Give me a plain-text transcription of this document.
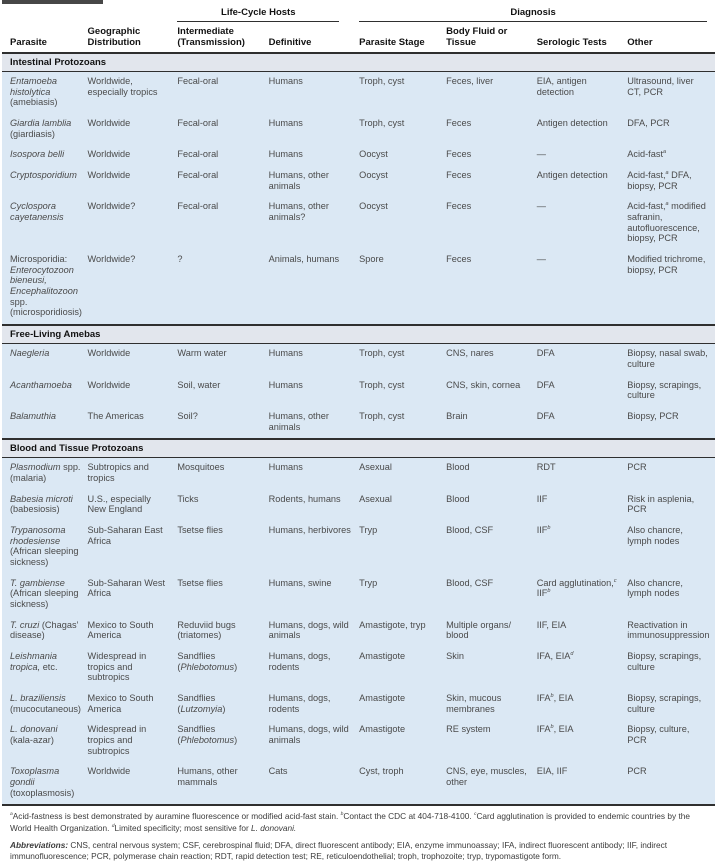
		Life-Cycle Hosts		Diagnosis			

Parasite	Geographic Distribution	Intermediate (Transmission)	Definitive	Parasite Stage	Body Fluid or Tissue	Serologic Tests	Other
Intestinal Protozoans							
Entamoeba histolytica (amebiasis)	Worldwide, especially tropics	Fecal-oral	Humans	Troph, cyst	Feces, liver	EIA, antigen detection	Ultrasound, liver CT, PCR
Giardia lamblia (giardiasis)	Worldwide	Fecal-oral	Humans	Troph, cyst	Feces	Antigen detection	DFA, PCR
Isospora belli	Worldwide	Fecal-oral	Humans	Oocyst	Feces	—	Acid-fast$^a$
Cryptosporidium	Worldwide	Fecal-oral	Humans, other animals	Oocyst	Feces	Antigen detection	Acid-fast,$^a$ DFA, biopsy, PCR
Cyclospora cayetanensis	Worldwide?	Fecal-oral	Humans, other animals?	Oocyst	Feces	—	Acid-fast,$^a$ modified safranin, autofluorescence, biopsy, PCR
Microsporidia: Enterocytozoon bieneusi, Encephalitozoon spp. (microsporidiosis)	Worldwide?	?	Animals, humans	Spore	Feces	—	Modified trichrome, biopsy, PCR
Free-Living Amebas							
Naegleria	Worldwide	Warm water	Humans	Troph, cyst	CNS, nares	DFA	Biopsy, nasal swab, culture
Acanthamoeba	Worldwide	Soil, water	Humans	Troph, cyst	CNS, skin, cornea	DFA	Biopsy, scrapings, culture
Balamuthia	The Americas	Soil?	Humans, other animals	Troph, cyst	Brain	DFA	Biopsy, PCR
Blood and Tissue Protozoans							
Plasmodium spp. (malaria)	Subtropics and tropics	Mosquitoes	Humans	Asexual	Blood	RDT	PCR
Babesia microti (babesiosis)	U.S., especially New England	Ticks	Rodents, humans	Asexual	Blood	IIF	Risk in asplenia, PCR
Trypanosoma rhodesiense (African sleeping sickness)	Sub-Saharan East Africa	Tsetse flies	Humans, herbivores	Tryp	Blood, CSF	IIF$^b$	Also chancre, lymph nodes
T. gambiense (African sleeping sickness)	Sub-Saharan West Africa	Tsetse flies	Humans, swine	Tryp	Blood, CSF	Card agglutination,$^c$ IIF$^b$	Also chancre, lymph nodes
T. cruzi (Chagas’ disease)	Mexico to South America	Reduviid bugs (triatomes)	Humans, dogs, wild animals	Amastigote, tryp	Multiple organs/ blood	IIF, EIA	Reactivation in immunosuppression
Leishmania tropica, etc.	Widespread in tropics and subtropics	Sandflies (Phlebotomus)	Humans, dogs, rodents	Amastigote	Skin	IFA, EIA$^d$	Biopsy, scrapings, culture
L. braziliensis (mucocutaneous)	Mexico to South America	Sandflies (Lutzomyia)	Humans, dogs, rodents	Amastigote	Skin, mucous membranes	IFA$^b$, EIA	Biopsy, scrapings, culture
L. donovani (kala-azar)	Widespread in tropics and subtropics	Sandflies (Phlebotomus)	Humans, dogs, wild animals	Amastigote	RE system	IFA$^b$, EIA	Biopsy, culture, PCR
Toxoplasma gondii (toxoplasmosis)	Worldwide	Humans, other mammals	Cats	Cyst, troph	CNS, eye, muscles, other	EIA, IIF	PCR

$^a$Acid-fastness is best demonstrated by auramine fluorescence or modified acid-fast stain. $^b$Contact the CDC at 404-718-4100. $^c$Card agglutination is provided to endemic countries by the World Health Organization. $^d$Limited specificity; most sensitive for L. donovani.

Abbreviations: CNS, central nervous system; CSF, cerebrospinal fluid; DFA, direct fluorescent antibody; EIA, enzyme immunoassay; IFA, indirect fluorescent antibody; IIF, indirect immunofluorescence; PCR, polymerase chain reaction; RDT, rapid detection test; RE, reticuloendothelial; troph, trophozoite; tryp, trypomastigote form.
